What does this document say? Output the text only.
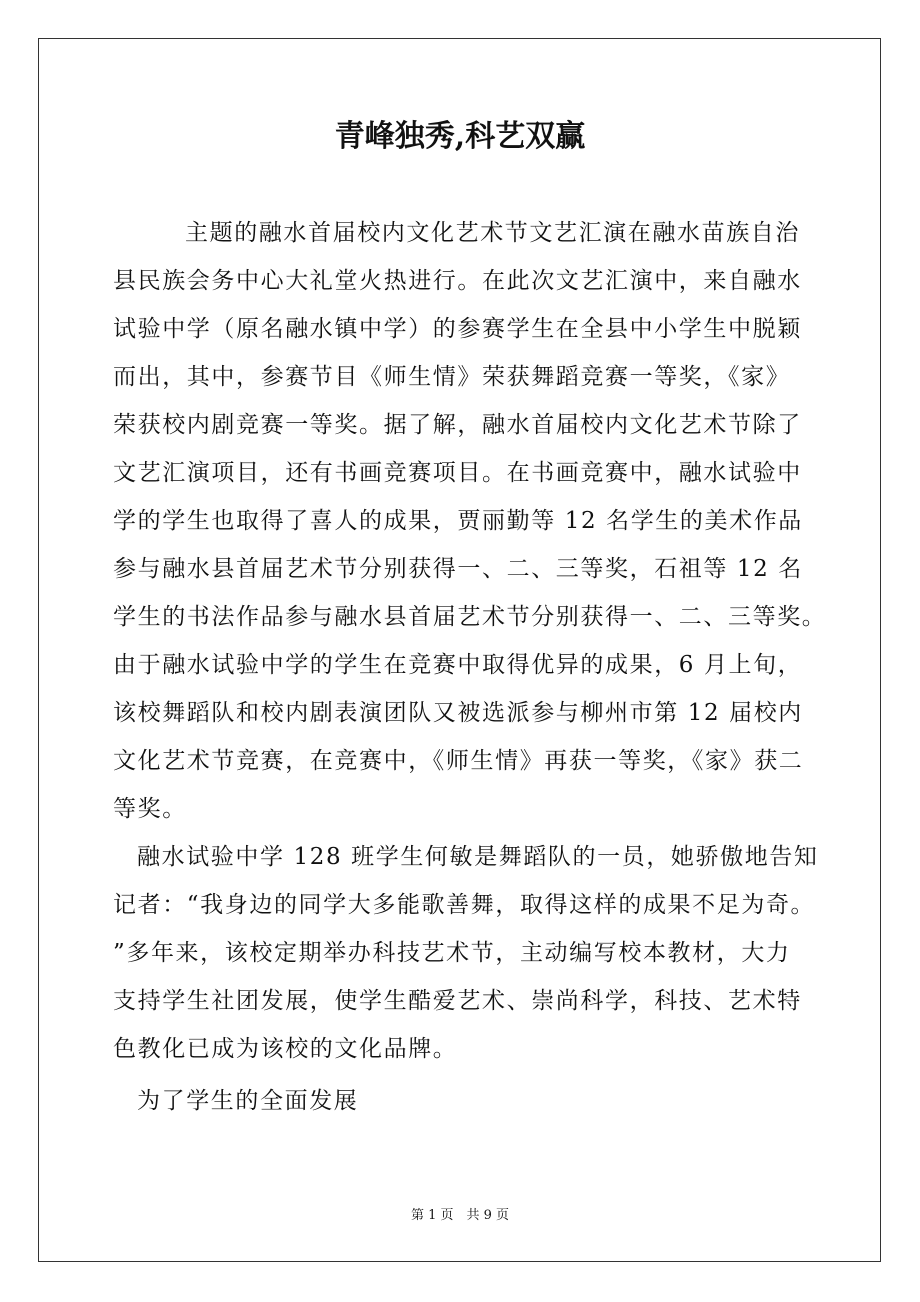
青峰独秀,科艺双赢
主题的融水首届校内文化艺术节文艺汇演在融水苗族自治
县民族会务中心大礼堂火热进行。在此次文艺汇演中，来自融水
试验中学（原名融水镇中学）的参赛学生在全县中小学生中脱颖
而出，其中，参赛节目《师生情》荣获舞蹈竞赛一等奖，《家》
荣获校内剧竞赛一等奖。据了解，融水首届校内文化艺术节除了
文艺汇演项目，还有书画竞赛项目。在书画竞赛中，融水试验中
学的学生也取得了喜人的成果，贾丽勤等 12 名学生的美术作品
参与融水县首届艺术节分别获得一、二、三等奖，石祖等 12 名
学生的书法作品参与融水县首届艺术节分别获得一、二、三等奖。
由于融水试验中学的学生在竞赛中取得优异的成果，6 月上旬，
该校舞蹈队和校内剧表演团队又被选派参与柳州市第 12 届校内
文化艺术节竞赛，在竞赛中，《师生情》再获一等奖，《家》获二
等奖。
融水试验中学 128 班学生何敏是舞蹈队的一员，她骄傲地告知
记者：“我身边的同学大多能歌善舞，取得这样的成果不足为奇。
”多年来，该校定期举办科技艺术节，主动编写校本教材，大力
支持学生社团发展，使学生酷爱艺术、崇尚科学，科技、艺术特
色教化已成为该校的文化品牌。
为了学生的全面发展
第 1 页　共 9 页
